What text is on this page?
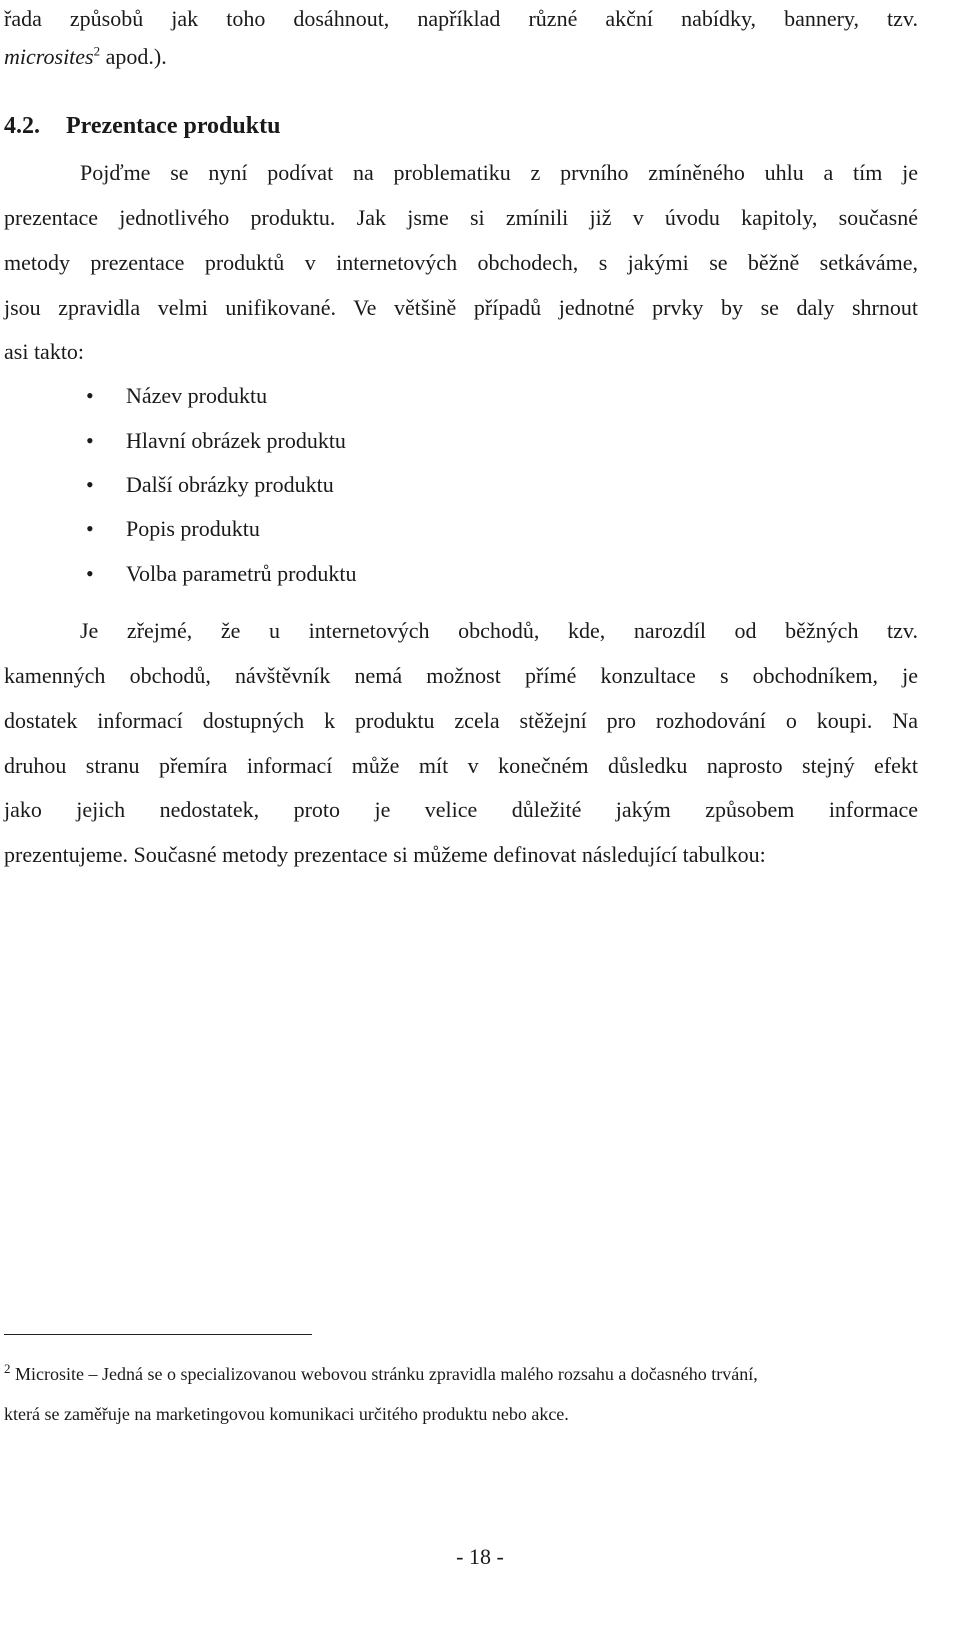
řada způsobů jak toho dosáhnout, například různé akční nabídky, bannery, tzv.
microsites$^2$ apod.).
4.2. Prezentace produktu
Pojďme se nyní podívat na problematiku z prvního zmíněného uhlu a tím je
prezentace jednotlivého produktu. Jak jsme si zmínili již v úvodu kapitoly, současné
metody prezentace produktů v internetových obchodech, s jakými se běžně setkáváme,
jsou zpravidla velmi unifikované. Ve většině případů jednotné prvky by se daly shrnout
asi takto:
• Název produktu
• Hlavní obrázek produktu
• Další obrázky produktu
• Popis produktu
• Volba parametrů produktu
Je zřejmé, že u internetových obchodů, kde, narozdíl od běžných tzv.
kamenných obchodů, návštěvník nemá možnost přímé konzultace s obchodníkem, je
dostatek informací dostupných k produktu zcela stěžejní pro rozhodování o koupi. Na
druhou stranu přemíra informací může mít v konečném důsledku naprosto stejný efekt
jako jejich nedostatek, proto je velice důležité jakým způsobem informace
prezentujeme. Současné metody prezentace si můžeme definovat následující tabulkou:
$^2$ Microsite – Jedná se o specializovanou webovou stránku zpravidla malého rozsahu a dočasného trvání,
která se zaměřuje na marketingovou komunikaci určitého produktu nebo akce.
- 18 -
